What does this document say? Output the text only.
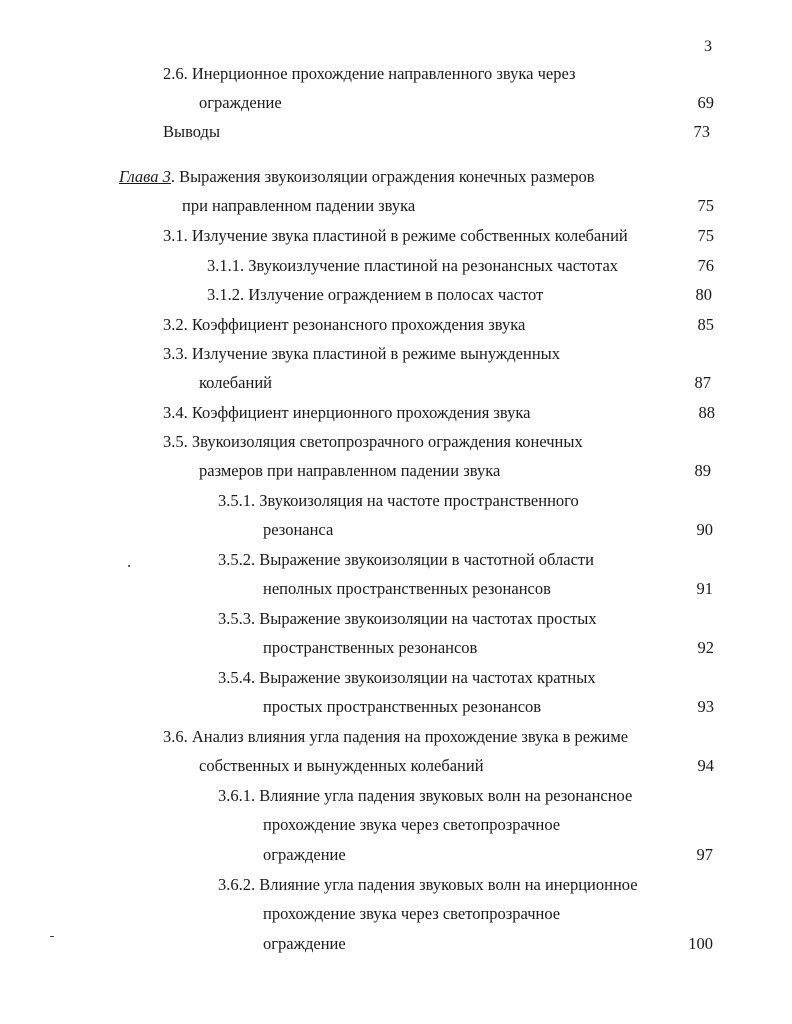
3
2.6. Инерционное прохождение направленного звука через
ограждение	69
Выводы	73
Глава 3. Выражения звукоизоляции ограждения конечных размеров
при направленном падении звука	75
3.1. Излучение звука пластиной в режиме собственных колебаний	75
3.1.1. Звукоизлучение пластиной на резонансных частотах	76
3.1.2. Излучение ограждением в полосах частот	80
3.2. Коэффициент резонансного прохождения звука	85
3.3. Излучение звука пластиной в режиме вынужденных
колебаний	87
3.4. Коэффициент инерционного прохождения звука	88
3.5. Звукоизоляция светопрозрачного ограждения конечных
размеров при направленном падении звука	89
3.5.1. Звукоизоляция на частоте пространственного
резонанса	90
3.5.2. Выражение звукоизоляции в частотной области
неполных пространственных резонансов	91
3.5.3. Выражение звукоизоляции на частотах простых
пространственных резонансов	92
3.5.4. Выражение звукоизоляции на частотах кратных
простых пространственных резонансов	93
3.6. Анализ влияния угла падения на прохождение звука в режиме
собственных и вынужденных колебаний	94
3.6.1. Влияние угла падения звуковых волн на резонансное
прохождение звука через светопрозрачное
ограждение	97
3.6.2. Влияние угла падения звуковых волн на инерционное
прохождение звука через светопрозрачное
ограждение	100
